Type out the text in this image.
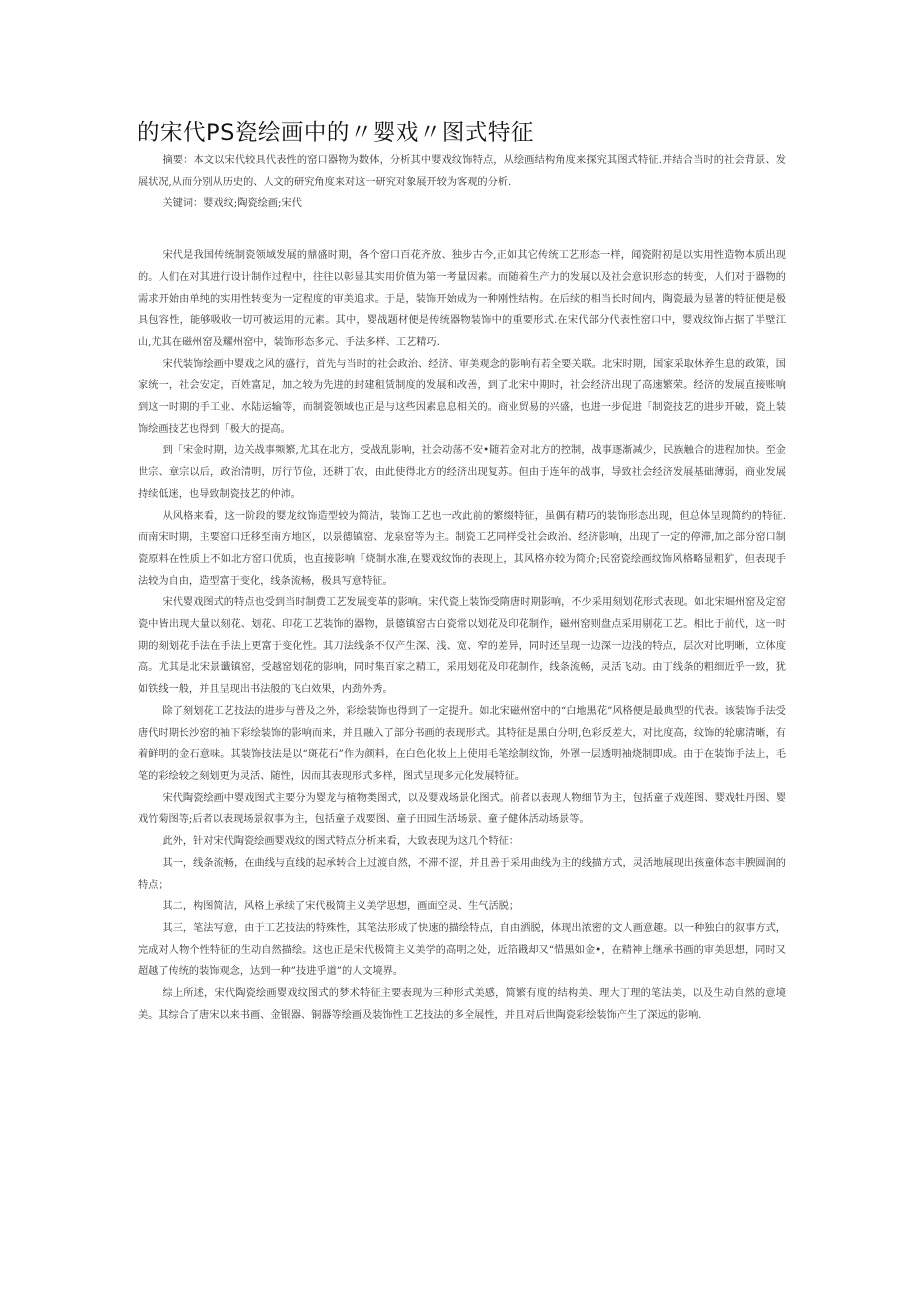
的宋代PS瓷绘画中的〃婴戏〃图式特征

摘要：本文以宋代较具代表性的窑口器物为数体，分析其中婴戏纹饰特点，从绘画结构角度来探究其图式特征.并结合当时的社会背景、发展状况,从而分别从历史的、人文的研究角度来对这一研究对象展开较为客观的分析.

关键词：婴戏纹;陶瓷绘画;宋代

宋代是我国传统制瓷领域发展的鼎盛时期，各个窑口百花齐放、独步古今,正如其它传统工艺形态一样，闻瓷附初是以实用性造物本质出现的。人们在对其进行设计制作过程中，往往以彰显其实用价值为第一考量因素。而随着生产力的发展以及社会意识形态的转变，人们对于器物的需求开始由单纯的实用性转变为一定程度的审美追求。于是，装饰开始成为一种刚性结构。在后续的相当长时间内，陶瓷最为显著的特征便是极具包容性，能够吸收一切可被运用的元素。其中，婴战题材便是传统器物装饰中的重要形式.在宋代部分代表性窑口中，婴戏纹饰占据了半壁江山,尤其在磁州窑及耀州窑中，装饰形态多元、手法多样、工艺精巧.

宋代装饰绘画中婴戏之风的盛行，首先与当时的社会政治、经济、审美观念的影响有若全要关联。北宋时期，国家采取休养生息的政策，国家统一，社会安定，百姓富足，加之较为先进的封建租赁制度的发展和改善，到了北宋中期时，社会经济出现了高速繁荣。经济的发展直接账响到这一时期的手工业、水陆运输等，而制瓷领域也正是与这些因素息息相关的。商业贸易的兴盛，也进一步促进「制瓷技艺的进步开破，瓷上装饰绘画技艺也得到「极大的提高。

到「宋金时期，边关战事频繁,尤其在北方，受战乱影响，社会动荡不安•随若金对北方的控制，战事逐渐减少，民族触合的进程加快。至金世宗、章宗以后，政治清明，厉行节俭，还耕丁农，由此使得北方的经济出现复苏。但由于连年的战事，导致社会经济发展基础薄弱，商业发展持续低迷，也导致制瓷技艺的仲沛。

从风格来看，这一阶段的婴龙纹饰造型较为简洁，装饰工艺也一改此前的繁缀特征，虽偶有精巧的装饰形态出现，但总体呈现简约的特征.而南宋时期，主要窑口迁移至南方地区，以景德镇窑、龙泉窑等为主。制瓷工艺同样受社会政治、经济影响，出现了一定的停滞,加之部分窑口制瓷原料在性质上不如北方窑口优质，也直接影响「烧制水准,在婴戏纹饰的表现上，其风格亦较为简介;民窑瓷绘画纹饰风格略显粗犷，但表现手法较为自由，造型富于变化，线条流畅，极具写意特征。

宋代婴戏图式的特点也受到当时制费工艺发展变革的影响。宋代瓷上装饰受隋唐时期影响，不少采用刻划花形式表现。如北宋堀州窑及定窑瓷中皆出现大量以刻花、划花、印花工艺装饰的器物，景德镇窑古白瓷常以划花及印花制作，磁州窑则盘点采用剔花工艺。相比于前代，这一时期的刻划花手法在手法上更富于变化性。其刀法线条不仅产生深、浅、宽、窄的差异，同时还呈现一边深一边浅的特点，层次对比明晰，立体度高。尤其是北宋景谶镇窑，受越窑划花的影响，同时集百家之精工，采用划花及印花制作，线条流畅，灵活飞动。由丁线条的粗细近乎一致，犹如铁线一般，并且呈现出书法般的飞白效果，内劲外秀。

除了刻划花工艺技法的进步与普及之外，彩绘装饰也得到了一定提升。如北宋磁州窑中的“白地黑花”风格便是最典型的代表。该装饰手法受唐代时期长沙窑的袖下彩绘装饰的影响而来，并且融入了部分书画的表现形式。其特征是黑白分明,色彩反差大，对比度高，纹饰的轮廓清晰，有着鲜明的金石意味。其装饰技法是以“斑花石”作为颜料，在白色化妆上上使用毛笔绘制纹饰，外罩一层透明袖烧制即成。由于在装饰手法上，毛笔的彩绘较之刻划更为灵活、随性，因而其表现形式多样，图式呈现多元化发展特征。

宋代陶瓷绘画中婴戏图式主要分为婴龙与植物类图式，以及婴戏场景化图式。前者以表现人物细节为主，包括童子戏莲图、婴戏牡丹图、婴戏竹菊图等;后者以表现场景叙事为主，包括童子戏要图、童子田园生活场景、童子健体活动场景等。

此外，针对宋代陶瓷绘画婴戏纹的图式特点分析来看，大致表现为这几个特征：

其一，线条流畅，在曲线与直线的起承转合上过渡自然，不滞不涩，并且善于采用曲线为主的线描方式，灵活地展现出孩童体态丰腴圆润的特点；

其二，构图简洁，风格上承续了宋代极简主义美学思想，画面空灵、生气活脱；

其三，笔法写意，由于工艺技法的特殊性，其笔法形成了快速的描绘特点，自由洒脱，体现出浓密的文人画意趣。以一种独白的叙事方式，完成对人物个性特征的生动自然描绘。这也正是宋代极简主义美学的高明之处，近箔戡却又“惜黑如金•，在精神上继承书画的审美思想，同时又超越了传统的装饰观念，达到一种”技进乎道”的人文境界。

综上所述，宋代陶瓷绘画婴戏纹图式的梦术特征主要表现为三种形式美感，简繁有度的结构美、理大丁理的笔法美，以及生动自然的意境美。其综合了唐宋以来书画、金银器、铜器等绘画及装饰性工艺技法的多全展性，并且对后世陶瓷彩绘装饰产生了深远的影响.
